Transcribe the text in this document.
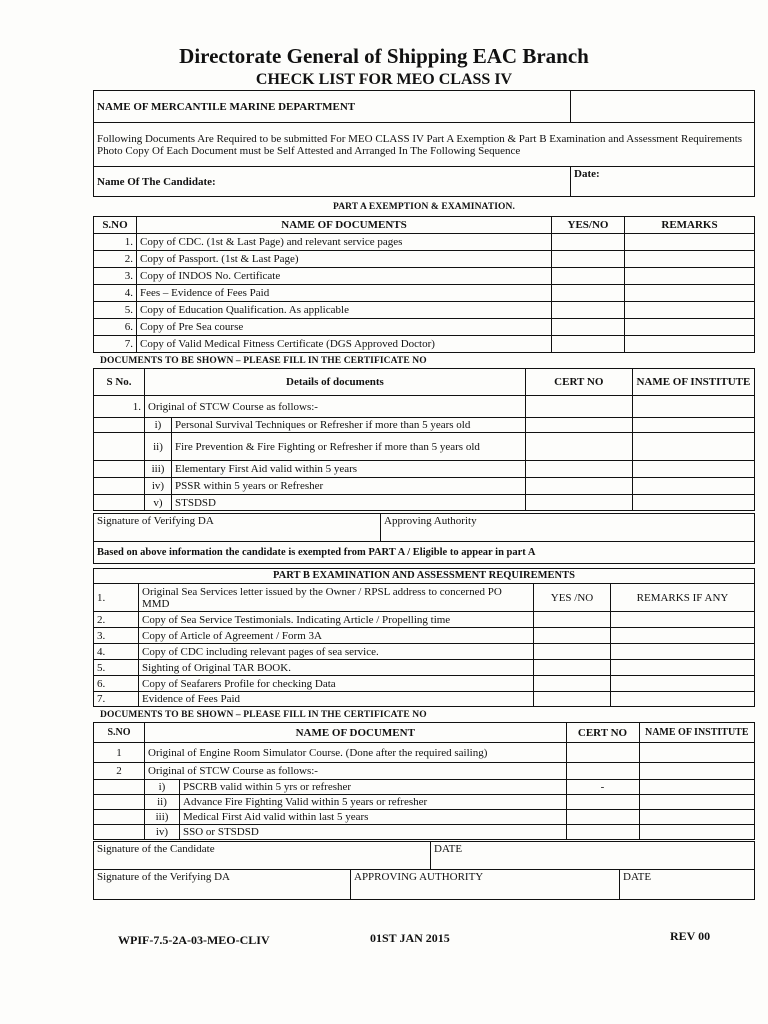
Directorate General of Shipping EAC Branch
CHECK LIST FOR MEO CLASS IV
NAME OF MERCANTILE MARINE DEPARTMENT	

Following Documents Are Required to be submitted For MEO CLASS IV Part A Exemption & Part B Examination and Assessment Requirements
Photo Copy Of Each Document must be Self Attested and Arranged In The Following Sequence	

Name Of The Candidate:	Date:
PART A EXEMPTION & EXAMINATION.
S.NO	NAME OF DOCUMENTS	YES/NO	REMARKS
1.	Copy of CDC. (1st & Last Page) and relevant service pages		
2.	Copy of Passport. (1st & Last Page)		
3.	Copy of INDOS No. Certificate		
4.	Fees – Evidence of Fees Paid		
5.	Copy of Education Qualification. As applicable		
6.	Copy of Pre Sea course		
7.	Copy of Valid Medical Fitness Certificate (DGS Approved Doctor)		
DOCUMENTS TO BE SHOWN – PLEASE FILL IN THE CERTIFICATE NO
S No.	Details of documents		CERT NO	NAME OF INSTITUTE
1.	Original of STCW Course as follows:-			
	i)	Personal Survival Techniques or Refresher if more than 5 years old		
	ii)	Fire Prevention & Fire Fighting or Refresher if more than 5 years old		
	iii)	Elementary First Aid valid within 5 years		
	iv)	PSSR within 5 years or Refresher		
	v)	STSDSD		
Signature of Verifying DA	Approving Authority
Based on above information the candidate is exempted from PART A / Eligible to appear in part A
PART B EXAMINATION AND ASSESSMENT REQUIREMENTS			
1.	Original Sea Services letter issued by the Owner / RPSL address to concerned PO MMD	YES /NO	REMARKS IF ANY
2.	Copy of Sea Service Testimonials. Indicating Article / Propelling time		
3.	Copy of Article of Agreement / Form 3A		
4.	Copy of CDC including relevant pages of sea service.		
5.	Sighting of Original TAR BOOK.		
6.	Copy of Seafarers Profile for checking Data		
7.	Evidence of Fees Paid		
DOCUMENTS TO BE SHOWN – PLEASE FILL IN THE CERTIFICATE NO
S.NO	NAME OF DOCUMENT		CERT NO	NAME OF INSTITUTE
1	Original of Engine Room Simulator Course. (Done after the required sailing)			
2	Original of STCW Course as follows:-			
	i)	PSCRB valid within 5 yrs or refresher	-	
	ii)	Advance Fire Fighting Valid within 5 years or refresher		
	iii)	Medical First Aid valid within last 5 years		
	iv)	SSO or STSDSD		
Signature of the Candidate	DATE
Signature of the Verifying DA	APPROVING AUTHORITY	DATE
WPIF-7.5-2A-03-MEO-CLIV	01ST JAN 2015	REV 00
